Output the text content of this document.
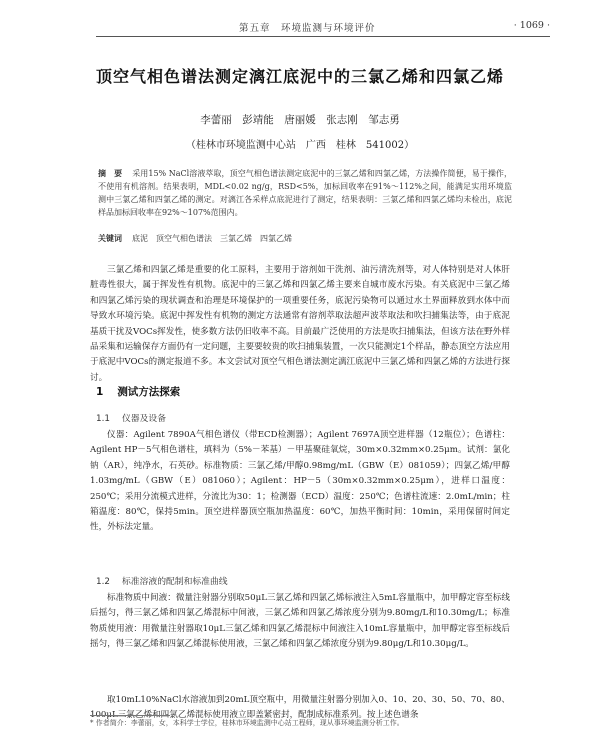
第五章　环境监测与环境评价	· 1069 ·
顶空气相色谱法测定漓江底泥中的三氯乙烯和四氯乙烯
李蕾丽　彭靖能　唐丽媛　张志刚　邹志勇
（桂林市环境监测中心站　广西　桂林　541002）
摘　要 采用15% NaCl溶液萃取，顶空气相色谱法测定底泥中的三氯乙烯和四氯乙烯，方法操作简便，易于操作，不使用有机溶剂。结果表明，MDL<0.02 ng/g，RSD<5%，加标回收率在91%～112%之间，能满足实用环境监测中三氯乙烯和四氯乙烯的测定。对漓江各采样点底泥进行了测定，结果表明：三氯乙烯和四氯乙烯均未检出，底泥样品加标回收率在92%～107%范围内。
关键词 底泥　顶空气相色谱法　三氯乙烯　四氯乙烯

三氯乙烯和四氯乙烯是重要的化工原料，主要用于溶剂如干洗剂、油污清洗剂等，对人体特别是对人体肝脏毒性很大，属于挥发性有机物。底泥中的三氯乙烯和四氯乙烯主要来自城市废水污染。有关底泥中三氯乙烯和四氯乙烯污染的现状调查和治理是环境保护的一项重要任务，底泥污染物可以通过水土界面释放到水体中而导致水环境污染。底泥中挥发性有机物的测定方法通常有溶剂萃取法超声波萃取法和吹扫捕集法等，由于底泥基质干扰及VOCs挥发性，使多数方法仍旧收率不高。目前最广泛使用的方法是吹扫捕集法，但该方法在野外样品采集和运输保存方面仍有一定问题，主要要较贵的吹扫捕集装置，一次只能测定1个样品，静态顶空方法应用于底泥中VOCs的测定报道不多。本文尝试对顶空气相色谱法测定漓江底泥中三氯乙烯和四氯乙烯的方法进行探讨。

1 测试方法探索
1.1 仪器及设备

仪器：Agilent 7890A气相色谱仪（带ECD检测器）；Agilent 7697A顶空进样器（12瓶位）；色谱柱：Agilent HP－5气相色谱柱，填料为（5%－苯基）－甲基聚硅氧烷，30m×0.32mm×0.25μm。试剂：氯化钠（AR），纯净水，石英砂。标准物质：三氯乙烯/甲醇0.98mg/mL（GBW（E）081059）；四氯乙烯/甲醇1.03mg/mL（GBW（E）081060）；Agilent：HP－5（30m×0.32mm×0.25μm），进样口温度：250℃；采用分流模式进样，分流比为30：1；检测器（ECD）温度：250℃；色谱柱流速：2.0mL/min；柱箱温度：80℃，保持5min。顶空进样器顶空瓶加热温度：60℃，加热平衡时间：10min，采用保留时间定性，外标法定量。

1.2 标准溶液的配制和标准曲线

标准物质中间液：微量注射器分别取50μL三氯乙烯和四氯乙烯标液注入5mL容量瓶中，加甲醇定容至标线后摇匀，得三氯乙烯和四氯乙烯混标中间液，三氯乙烯和四氯乙烯浓度分别为9.80mg/L和10.30mg/L；标准物质使用液：用微量注射器取10μL三氯乙烯和四氯乙烯混标中间液注入10mL容量瓶中，加甲醇定容至标线后摇匀，得三氯乙烯和四氯乙烯混标使用液，三氯乙烯和四氯乙烯浓度分别为9.80μg/L和10.30μg/L。

取10mL10%NaCl水溶液加到20mL顶空瓶中，用微量注射器分别加入0、10、20、30、50、70、80、100μL三氯乙烯和四氯乙烯混标使用液立即盖紧密封，配制成标准系列。按上述色谱条

* 作者简介：李蕾丽，女，本科学士学位，桂林市环境监测中心站工程师，现从事环境监测分析工作。
